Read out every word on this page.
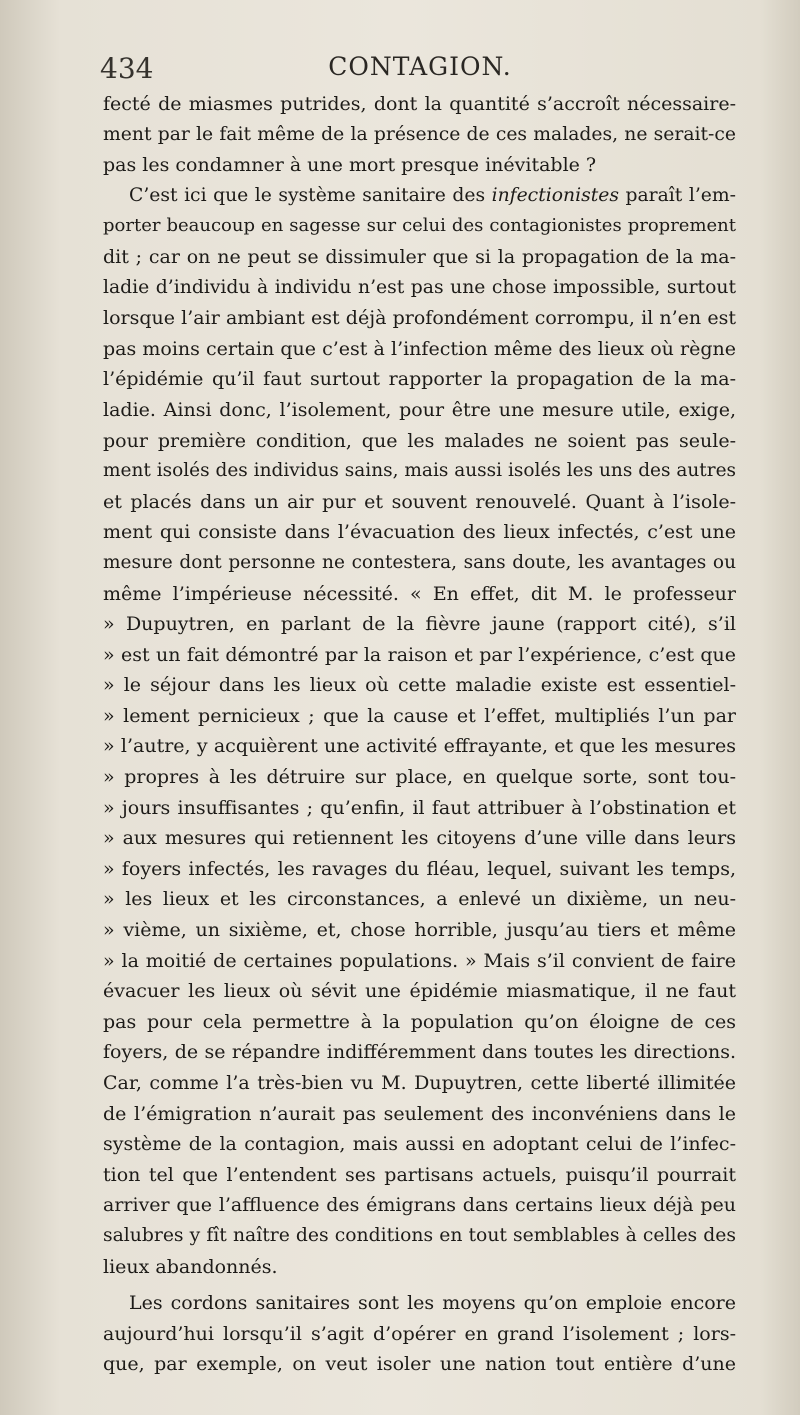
434	CONTAGION.
fecté de miasmes putrides, dont la quantité s’accroît nécessaire-
ment par le fait même de la présence de ces malades, ne serait-ce
pas les condamner à une mort presque inévitable ?
C’est ici que le système sanitaire des infectionistes paraît l’em-
porter beaucoup en sagesse sur celui des contagionistes proprement
dit ; car on ne peut se dissimuler que si la propagation de la ma-
ladie d’individu à individu n’est pas une chose impossible, surtout
lorsque l’air ambiant est déjà profondément corrompu, il n’en est
pas moins certain que c’est à l’infection même des lieux où règne
l’épidémie qu’il faut surtout rapporter la propagation de la ma-
ladie. Ainsi donc, l’isolement, pour être une mesure utile, exige,
pour première condition, que les malades ne soient pas seule-
ment isolés des individus sains, mais aussi isolés les uns des autres
et placés dans un air pur et souvent renouvelé. Quant à l’isole-
ment qui consiste dans l’évacuation des lieux infectés, c’est une
mesure dont personne ne contestera, sans doute, les avantages ou
même l’impérieuse nécessité. « En effet, dit M. le professeur
» Dupuytren, en parlant de la fièvre jaune (rapport cité), s’il
» est un fait démontré par la raison et par l’expérience, c’est que
» le séjour dans les lieux où cette maladie existe est essentiel-
» lement pernicieux ; que la cause et l’effet, multipliés l’un par
» l’autre, y acquièrent une activité effrayante, et que les mesures
» propres à les détruire sur place, en quelque sorte, sont tou-
» jours insuffisantes ; qu’enfin, il faut attribuer à l’obstination et
» aux mesures qui retiennent les citoyens d’une ville dans leurs
» foyers infectés, les ravages du fléau, lequel, suivant les temps,
» les lieux et les circonstances, a enlevé un dixième, un neu-
» vième, un sixième, et, chose horrible, jusqu’au tiers et même
» la moitié de certaines populations. » Mais s’il convient de faire
évacuer les lieux où sévit une épidémie miasmatique, il ne faut
pas pour cela permettre à la population qu’on éloigne de ces
foyers, de se répandre indifféremment dans toutes les directions.
Car, comme l’a très-bien vu M. Dupuytren, cette liberté illimitée
de l’émigration n’aurait pas seulement des inconvéniens dans le
système de la contagion, mais aussi en adoptant celui de l’infec-
tion tel que l’entendent ses partisans actuels, puisqu’il pourrait
arriver que l’affluence des émigrans dans certains lieux déjà peu
salubres y fît naître des conditions en tout semblables à celles des
lieux abandonnés.
Les cordons sanitaires sont les moyens qu’on emploie encore
aujourd’hui lorsqu’il s’agit d’opérer en grand l’isolement ; lors-
que, par exemple, on veut isoler une nation tout entière d’une
